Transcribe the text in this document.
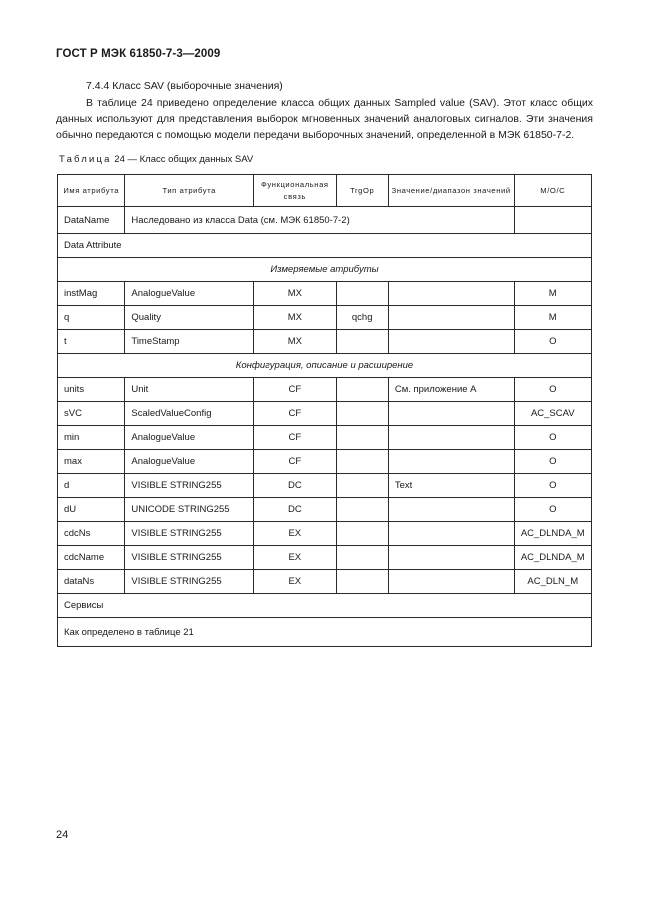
ГОСТ Р МЭК 61850-7-3—2009
7.4.4 Класс SAV (выборочные значения)
В таблице 24 приведено определение класса общих данных Sampled value (SAV). Этот класс общих данных используют для представления выборок мгновенных значений аналоговых сигналов. Эти значения обычно передаются с помощью модели передачи выборочных значений, определенной в МЭК 61850-7-2.
Таблица 24 — Класс общих данных SAV
Имя атрибута	Тип атрибута	Функциональная связь	TrgOp	Значение/диапазон значений	M/O/C
DataName	Наследовано из класса Data (см. МЭК 61850-7-2)				
Data Attribute					
Измеряемые атрибуты					
instMag	AnalogueValue	MX			M
q	Quality	MX	qchg		M
t	TimeStamp	MX			O
Конфигурация, описание и расширение					
units	Unit	CF		См. приложение А	O
sVC	ScaledValueConfig	CF			AC_SCAV
min	AnalogueValue	CF			O
max	AnalogueValue	CF			O
d	VISIBLE STRING255	DC		Text	O
dU	UNICODE STRING255	DC			O
cdcNs	VISIBLE STRING255	EX			AC_DLNDA_M
cdcName	VISIBLE STRING255	EX			AC_DLNDA_M
dataNs	VISIBLE STRING255	EX			AC_DLN_M
Сервисы					
Как определено в таблице 21					
24
